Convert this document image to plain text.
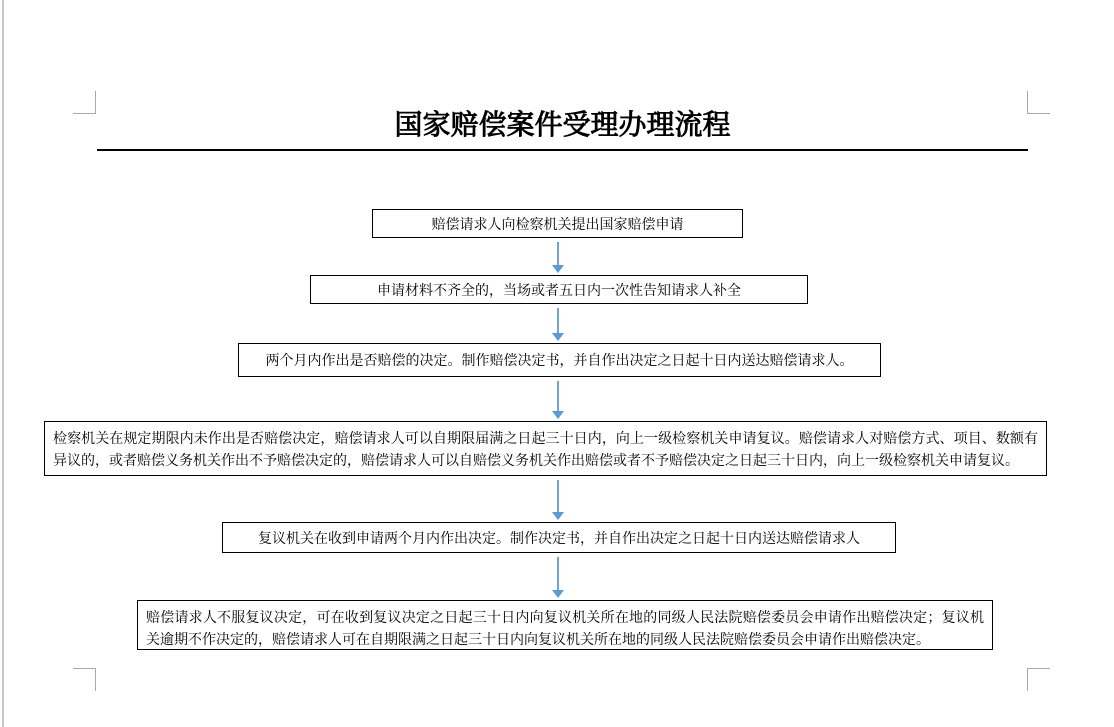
国家赔偿案件受理办理流程
赔偿请求人向检察机关提出国家赔偿申请
申请材料不齐全的，当场或者五日内一次性告知请求人补全
两个月内作出是否赔偿的决定。制作赔偿决定书，并自作出决定之日起十日内送达赔偿请求人。
检察机关在规定期限内未作出是否赔偿决定，赔偿请求人可以自期限届满之日起三十日内，向上一级检察机关申请复议。赔偿请求人对赔偿方式、项目、数额有异议的，或者赔偿义务机关作出不予赔偿决定的，赔偿请求人可以自赔偿义务机关作出赔偿或者不予赔偿决定之日起三十日内，向上一级检察机关申请复议。
复议机关在收到申请两个月内作出决定。制作决定书，并自作出决定之日起十日内送达赔偿请求人
赔偿请求人不服复议决定，可在收到复议决定之日起三十日内向复议机关所在地的同级人民法院赔偿委员会申请作出赔偿决定；复议机关逾期不作决定的，赔偿请求人可在自期限满之日起三十日内向复议机关所在地的同级人民法院赔偿委员会申请作出赔偿决定。
